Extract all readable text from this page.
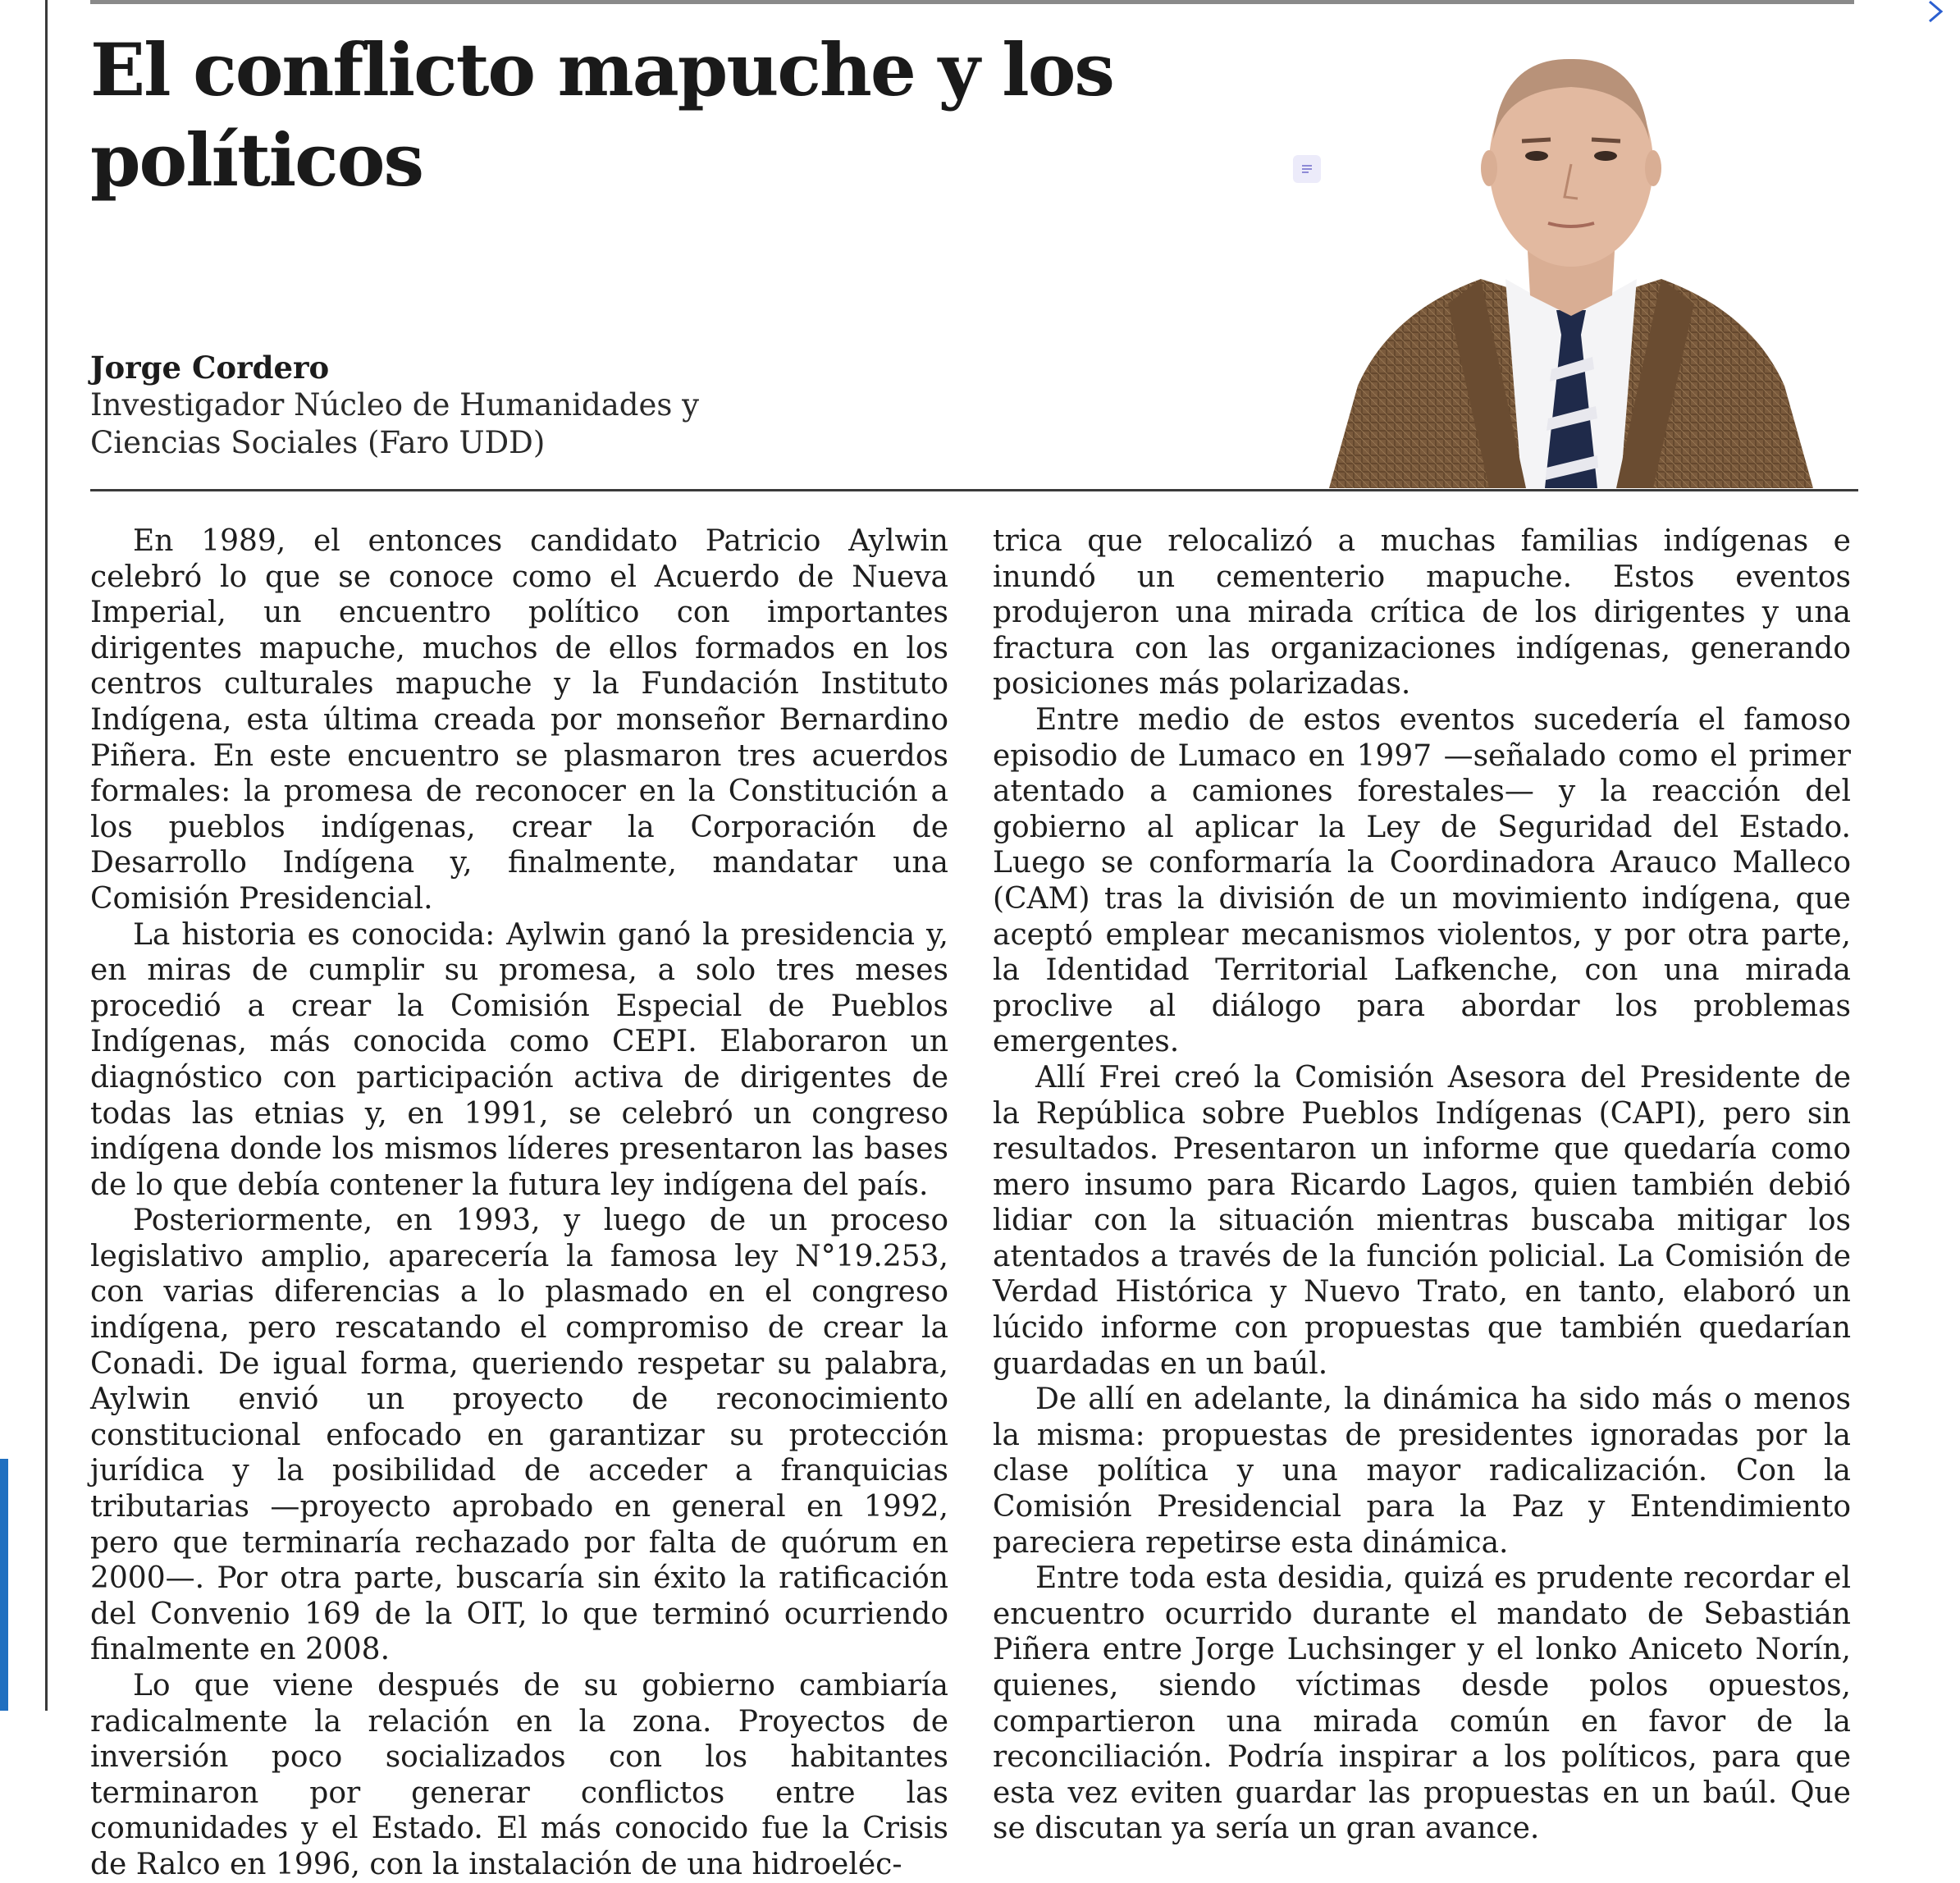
El conflicto mapuche y los políticos
Jorge Cordero
Investigador Núcleo de Humanidades y
Ciencias Sociales (Faro UDD)

En 1989, el entonces candidato Patricio Aylwin celebró lo que se conoce como el Acuerdo de Nueva Imperial, un encuentro político con importantes dirigentes mapuche, muchos de ellos formados en los centros culturales mapuche y la Fundación Instituto Indígena, esta última creada por monseñor Bernardino Piñera. En este encuentro se plasmaron tres acuerdos formales: la promesa de reconocer en la Constitución a los pueblos indígenas, crear la Corporación de Desarrollo Indígena y, finalmente, mandatar una Comisión Presidencial.

La historia es conocida: Aylwin ganó la presidencia y, en miras de cumplir su promesa, a solo tres meses procedió a crear la Comisión Especial de Pueblos Indígenas, más conocida como CEPI. Elaboraron un diagnóstico con participación activa de dirigentes de todas las etnias y, en 1991, se celebró un congreso indígena donde los mismos líderes presentaron las bases de lo que debía contener la futura ley indígena del país.

Posteriormente, en 1993, y luego de un proceso legislativo amplio, aparecería la famosa ley N°19.253, con varias diferencias a lo plasmado en el congreso indígena, pero rescatando el compromiso de crear la Conadi. De igual forma, queriendo respetar su palabra, Aylwin envió un proyecto de reconocimiento constitucional enfocado en garantizar su protección jurídica y la posibilidad de acceder a franquicias tributarias —proyecto aprobado en general en 1992, pero que terminaría rechazado por falta de quórum en 2000—. Por otra parte, buscaría sin éxito la ratificación del Convenio 169 de la OIT, lo que terminó ocurriendo finalmente en 2008.

Lo que viene después de su gobierno cambiaría radicalmente la relación en la zona. Proyectos de inversión poco socializados con los habitantes terminaron por generar conflictos entre las comunidades y el Estado. El más conocido fue la Crisis de Ralco en 1996, con la instalación de una hidroeléc-

trica que relocalizó a muchas familias indígenas e inundó un cementerio mapuche. Estos eventos produjeron una mirada crítica de los dirigentes y una fractura con las organizaciones indígenas, generando posiciones más polarizadas.

Entre medio de estos eventos sucedería el famoso episodio de Lumaco en 1997 —señalado como el primer atentado a camiones forestales— y la reacción del gobierno al aplicar la Ley de Seguridad del Estado. Luego se conformaría la Coordinadora Arauco Malleco (CAM) tras la división de un movimiento indígena, que aceptó emplear mecanismos violentos, y por otra parte, la Identidad Territorial Lafkenche, con una mirada proclive al diálogo para abordar los problemas emergentes.

Allí Frei creó la Comisión Asesora del Presidente de la República sobre Pueblos Indígenas (CAPI), pero sin resultados. Presentaron un informe que quedaría como mero insumo para Ricardo Lagos, quien también debió lidiar con la situación mientras buscaba mitigar los atentados a través de la función policial. La Comisión de Verdad Histórica y Nuevo Trato, en tanto, elaboró un lúcido informe con propuestas que también quedarían guardadas en un baúl.

De allí en adelante, la dinámica ha sido más o menos la misma: propuestas de presidentes ignoradas por la clase política y una mayor radicalización. Con la Comisión Presidencial para la Paz y Entendimiento pareciera repetirse esta dinámica.

Entre toda esta desidia, quizá es prudente recordar el encuentro ocurrido durante el mandato de Sebastián Piñera entre Jorge Luchsinger y el lonko Aniceto Norín, quienes, siendo víctimas desde polos opuestos, compartieron una mirada común en favor de la reconciliación. Podría inspirar a los políticos, para que esta vez eviten guardar las propuestas en un baúl. Que se discutan ya sería un gran avance.
